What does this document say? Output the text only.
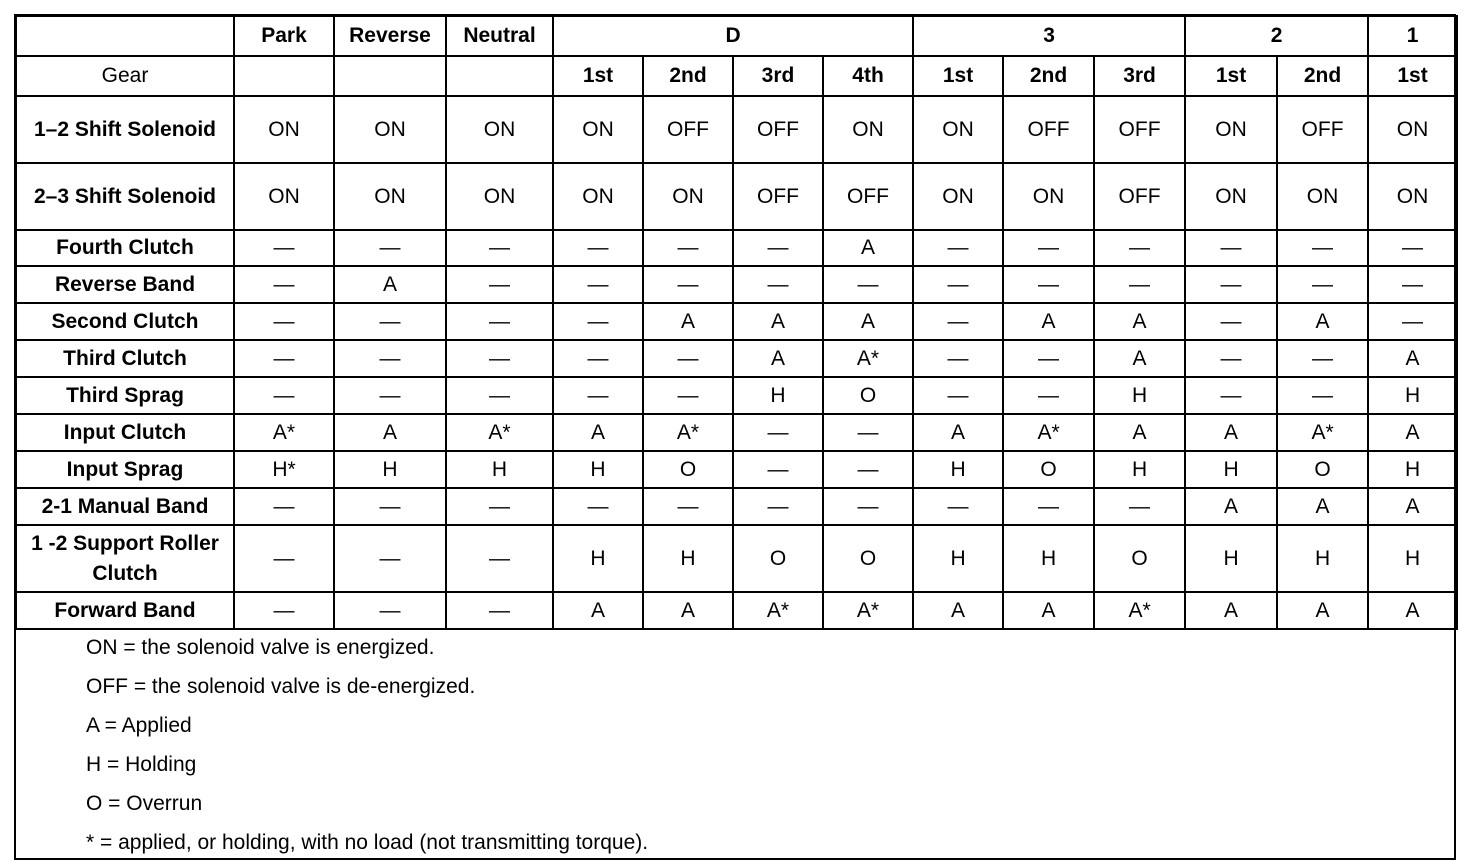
	Park	Reverse	Neutral	D				3			2		1
Gear				1st	2nd	3rd	4th	1st	2nd	3rd	1st	2nd	1st
1–2 Shift Solenoid	ON	ON	ON	ON	OFF	OFF	ON	ON	OFF	OFF	ON	OFF	ON
2–3 Shift Solenoid	ON	ON	ON	ON	ON	OFF	OFF	ON	ON	OFF	ON	ON	ON
Fourth Clutch	—	—	—	—	—	—	A	—	—	—	—	—	—
Reverse Band	—	A	—	—	—	—	—	—	—	—	—	—	—
Second Clutch	—	—	—	—	A	A	A	—	A	A	—	A	—
Third Clutch	—	—	—	—	—	A	A*	—	—	A	—	—	A
Third Sprag	—	—	—	—	—	H	O	—	—	H	—	—	H
Input Clutch	A*	A	A*	A	A*	—	—	A	A*	A	A	A*	A
Input Sprag	H*	H	H	H	O	—	—	H	O	H	H	O	H
2-1 Manual Band	—	—	—	—	—	—	—	—	—	—	A	A	A
1 -2 Support Roller Clutch	—	—	—	H	H	O	O	H	H	O	H	H	H
Forward Band	—	—	—	A	A	A*	A*	A	A	A*	A	A	A
ON = the solenoid valve is energized.
OFF = the solenoid valve is de-energized.
A = Applied
H = Holding
O = Overrun
* = applied, or holding, with no load (not transmitting torque).
